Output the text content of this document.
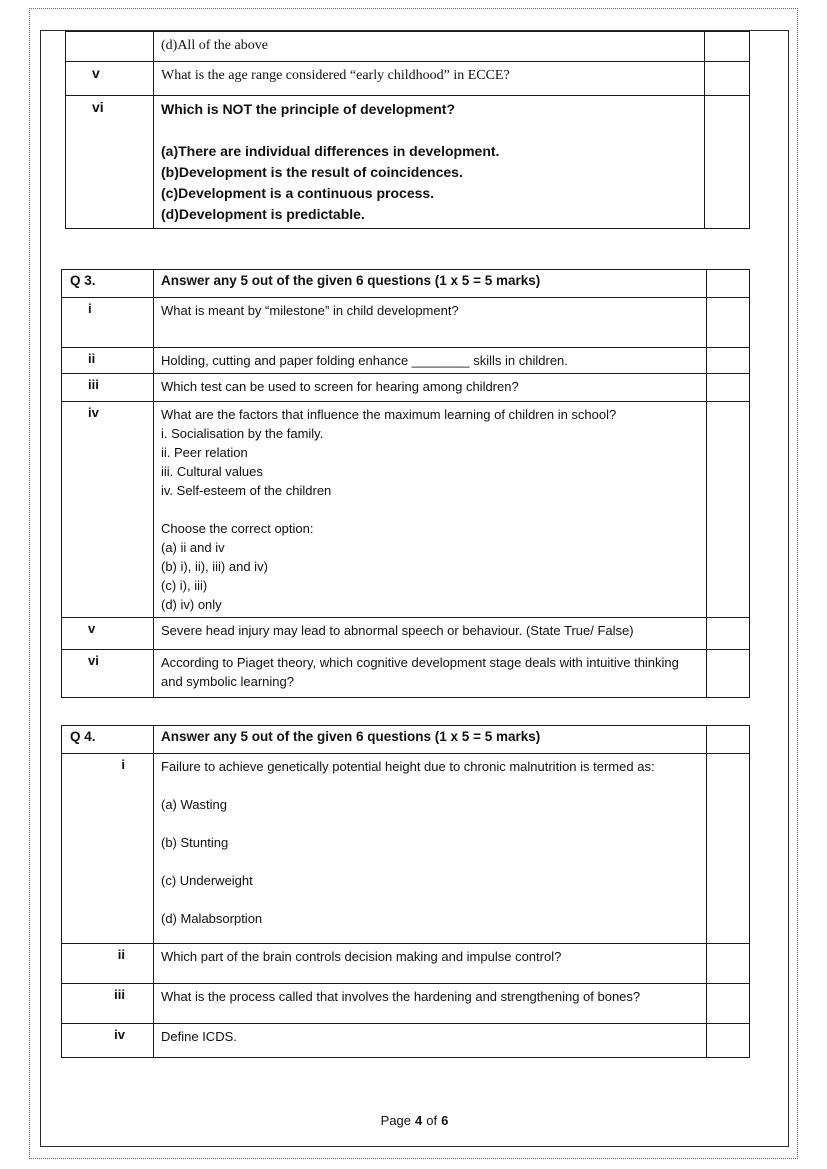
	(d)All of the above	

v	What is the age range considered “early childhood” in ECCE?	

vi	Which is NOT the principle of development?
(a)There are individual differences in development.
(b)Development is the result of coincidences.
(c)Development is a continuous process.
(d)Development is predictable.	

Q 3.	Answer any 5 out of the given 6 questions (1 x 5 = 5 marks)	
i	What is meant by “milestone” in child development?	

ii	Holding, cutting and paper folding enhance ________ skills in children.	

iii	Which test can be used to screen for hearing among children?	

iv	What are the factors that influence the maximum learning of children in school?
i. Socialisation by the family.
ii. Peer relation
iii. Cultural values
iv. Self-esteem of the children
Choose the correct option:
(a) ii and iv
(b) i), ii), iii) and iv)
(c) i), iii)
(d) iv) only

v	Severe head injury may lead to abnormal speech or behaviour. (State True/ False)	

vi	According to Piaget theory, which cognitive development stage deals with intuitive thinking and symbolic learning?	

Q 4.	Answer any 5 out of the given 6 questions (1 x 5 = 5 marks)	
i	Failure to achieve genetically potential height due to chronic malnutrition is termed as:
(a) Wasting
(b) Stunting
(c) Underweight
(d) Malabsorption	

ii	Which part of the brain controls decision making and impulse control?	

iii	What is the process called that involves the hardening and strengthening of bones?	

iv	Define ICDS.	

Page 4 of 6
